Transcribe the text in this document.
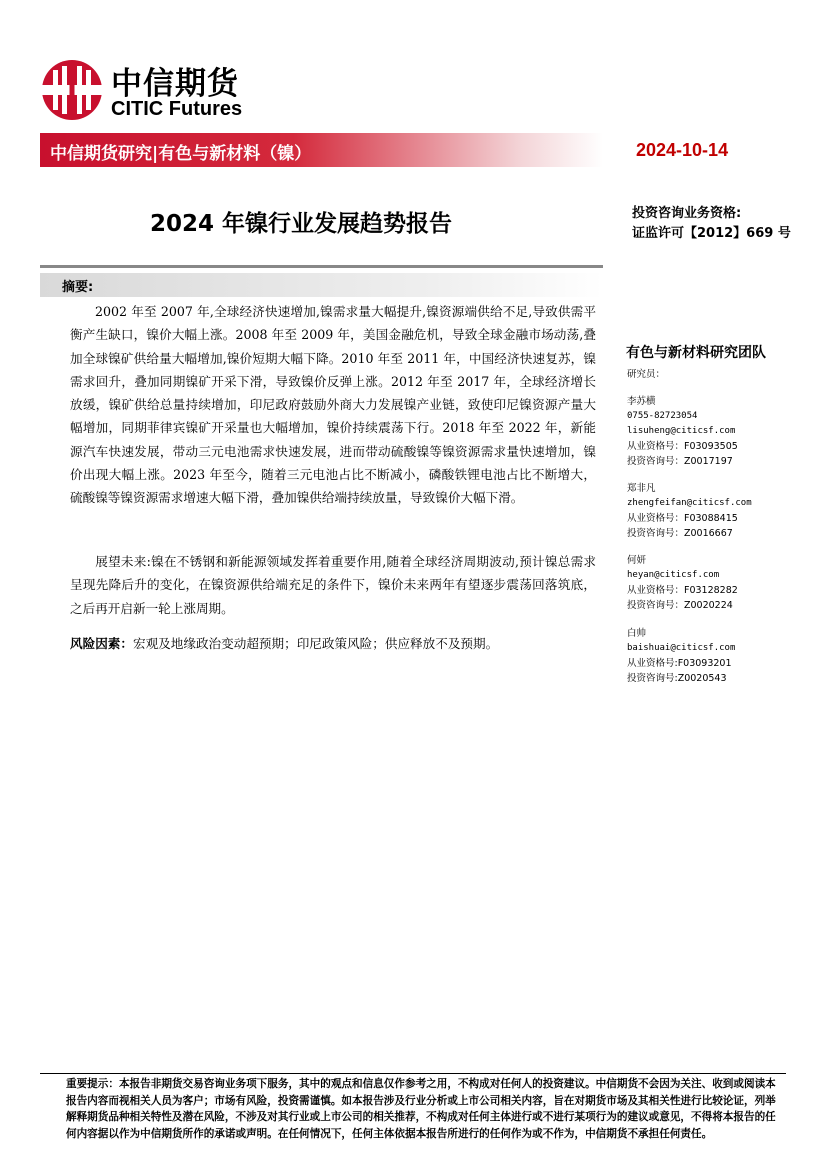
中信期货
CITIC Futures
中信期货研究|有色与新材料（镍）	2024-10-14
2024 年镍行业发展趋势报告	投资咨询业务资格:
证监许可【2012】669 号
摘要:

2002 年至 2007 年,全球经济快速增加,镍需求量大幅提升,镍资源端供给不足,导致供需平衡产生缺口，镍价大幅上涨。2008 年至 2009 年，美国金融危机，导致全球金融市场动荡,叠加全球镍矿供给量大幅增加,镍价短期大幅下降。2010 年至 2011 年，中国经济快速复苏，镍需求回升，叠加同期镍矿开采下滑，导致镍价反弹上涨。2012 年至 2017 年，全球经济增长放缓，镍矿供给总量持续增加，印尼政府鼓励外商大力发展镍产业链，致使印尼镍资源产量大幅增加，同期菲律宾镍矿开采量也大幅增加，镍价持续震荡下行。2018 年至 2022 年，新能源汽车快速发展，带动三元电池需求快速发展，进而带动硫酸镍等镍资源需求量快速增加，镍价出现大幅上涨。2023 年至今，随着三元电池占比不断减小，磷酸铁锂电池占比不断增大，硫酸镍等镍资源需求增速大幅下滑，叠加镍供给端持续放量，导致镍价大幅下滑。

展望未来:镍在不锈钢和新能源领域发挥着重要作用,随着全球经济周期波动,预计镍总需求呈现先降后升的变化，在镍资源供给端充足的条件下，镍价未来两年有望逐步震荡回落筑底，之后再开启新一轮上涨周期。

风险因素：宏观及地缘政治变动超预期；印尼政策风险；供应释放不及预期。

有色与新材料研究团队
研究员：
李苏横
0755-82723054
lisuheng@citicsf.com
从业资格号：F03093505
投资咨询号：Z0017197
郑非凡
zhengfeifan@citicsf.com
从业资格号：F03088415
投资咨询号：Z0016667
何妍
heyan@citicsf.com
从业资格号：F03128282
投资咨询号：Z0020224
白帅
baishuai@citicsf.com
从业资格号:F03093201
投资咨询号:Z0020543

重要提示：本报告非期货交易咨询业务项下服务，其中的观点和信息仅作参考之用，不构成对任何人的投资建议。中信期货不会因为关注、收到或阅读本报告内容而视相关人员为客户；市场有风险，投资需谨慎。如本报告涉及行业分析或上市公司相关内容，旨在对期货市场及其相关性进行比较论证，列举解释期货品种相关特性及潜在风险，不涉及对其行业或上市公司的相关推荐，不构成对任何主体进行或不进行某项行为的建议或意见，不得将本报告的任何内容据以作为中信期货所作的承诺或声明。在任何情况下，任何主体依据本报告所进行的任何作为或不作为，中信期货不承担任何责任。
